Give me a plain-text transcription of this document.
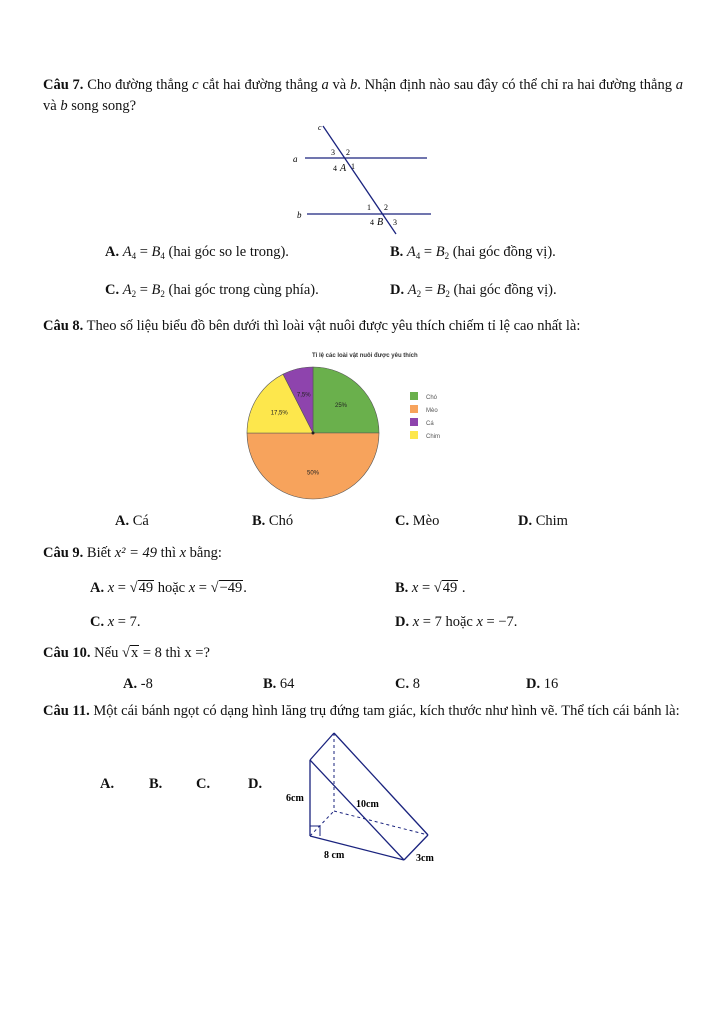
Câu 7. Cho đường thẳng c cắt hai đường thẳng a và b. Nhận định nào sau đây có thể chỉ ra hai đường thẳng a và b song song?
c
a
b
3 2
4 A 1
1 2
4 B 3
A. $A_4 = B_4$ (hai góc so le trong).	B. $A_4 = B_2$ (hai góc đồng vị).
C. $A_2 = B_2$ (hai góc trong cùng phía).	D. $A_2 = B_2$ (hai góc đồng vị).
Câu 8. Theo số liệu biểu đồ bên dưới thì loài vật nuôi được yêu thích chiếm tỉ lệ cao nhất là:
Tỉ lệ các loài vật nuôi được yêu thích
25%
50%
17,5%
7,5%	Chó
Mèo
Cá
Chim
A. Cá	B. Chó	C. Mèo	D. Chim
Câu 9. Biết x² = 49 thì x bằng:
A. x = √49 hoặc x = √−49.	B. x = √49 .
C. x = 7.	D. x = 7 hoặc x = −7.
Câu 10. Nếu √x = 8 thì x =?
A. -8	B. 64	C. 8	D. 16
Câu 11. Một cái bánh ngọt có dạng hình lăng trụ đứng tam giác, kích thước như hình vẽ. Thể tích cái bánh là:
A. B. C.	D.
6cm
10cm
8 cm	3cm
